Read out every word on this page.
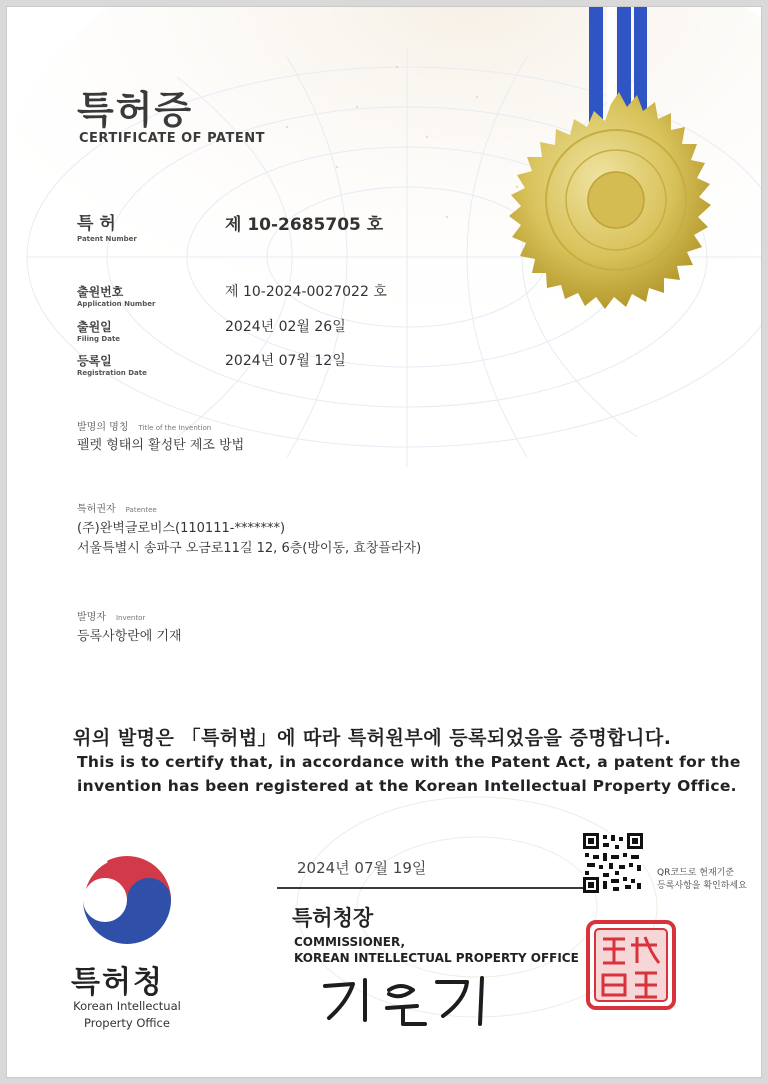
특허증
CERTIFICATE OF PATENT
특 허
Patent Number
제 10-2685705 호
출원번호
Application Number
제 10-2024-0027022 호
출원일
Filing Date
2024년 02월 26일
등록일
Registration Date
2024년 07월 12일
발명의 명칭 Title of the Invention
펠렛 형태의 활성탄 제조 방법
특허권자 Patentee
(주)완벽글로비스(110111-*******)
서울특별시 송파구 오금로11길 12, 6층(방이동, 효창플라자)
발명자 Inventor
등록사항란에 기재
위의 발명은 「특허법」에 따라 특허원부에 등록되었음을 증명합니다.
This is to certify that, in accordance with the Patent Act, a patent for the
invention has been registered at the Korean Intellectual Property Office.
2024년 07월 19일
특허청장
COMMISSIONER,
KOREAN INTELLECTUAL PROPERTY OFFICE
QR코드로 현재기준
등록사항을 확인하세요
특허청
Korean Intellectual
Property Office
